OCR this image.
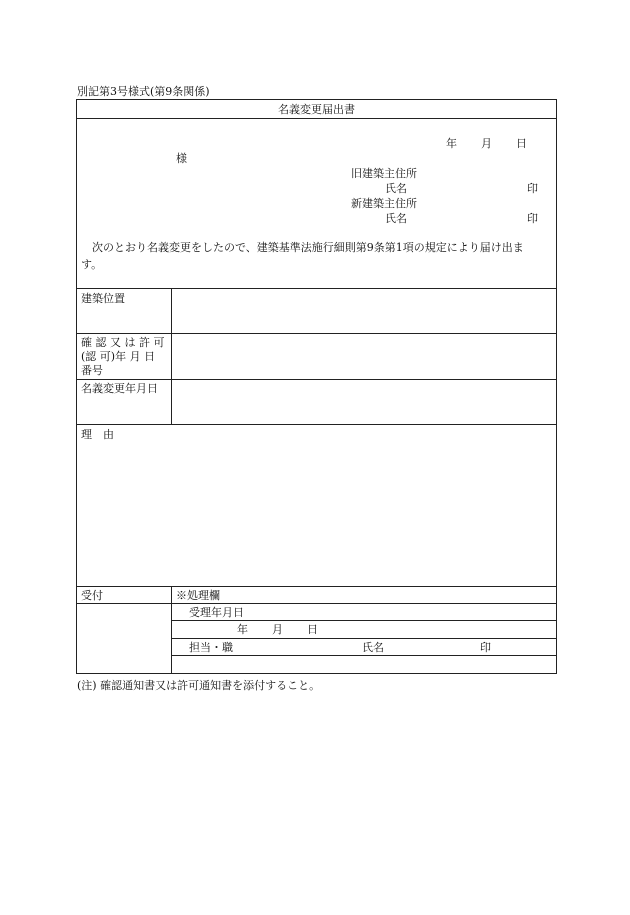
別記第3号様式(第9条関係)
名義変更届出書
年 月 日
様
旧建築主住所
氏名	印
新建築主住所
氏名	印
次のとおり名義変更をしたので、建築基準法施行細則第9条第1項の規定により届け出ま
す。
建築位置
確 認 又 は 許 可
(認 可)年 月 日
番号
名義変更年月日
理　由
受付	※処理欄
受理年月日
年 月 日
担当・職	氏名	印
(注) 確認通知書又は許可通知書を添付すること。
